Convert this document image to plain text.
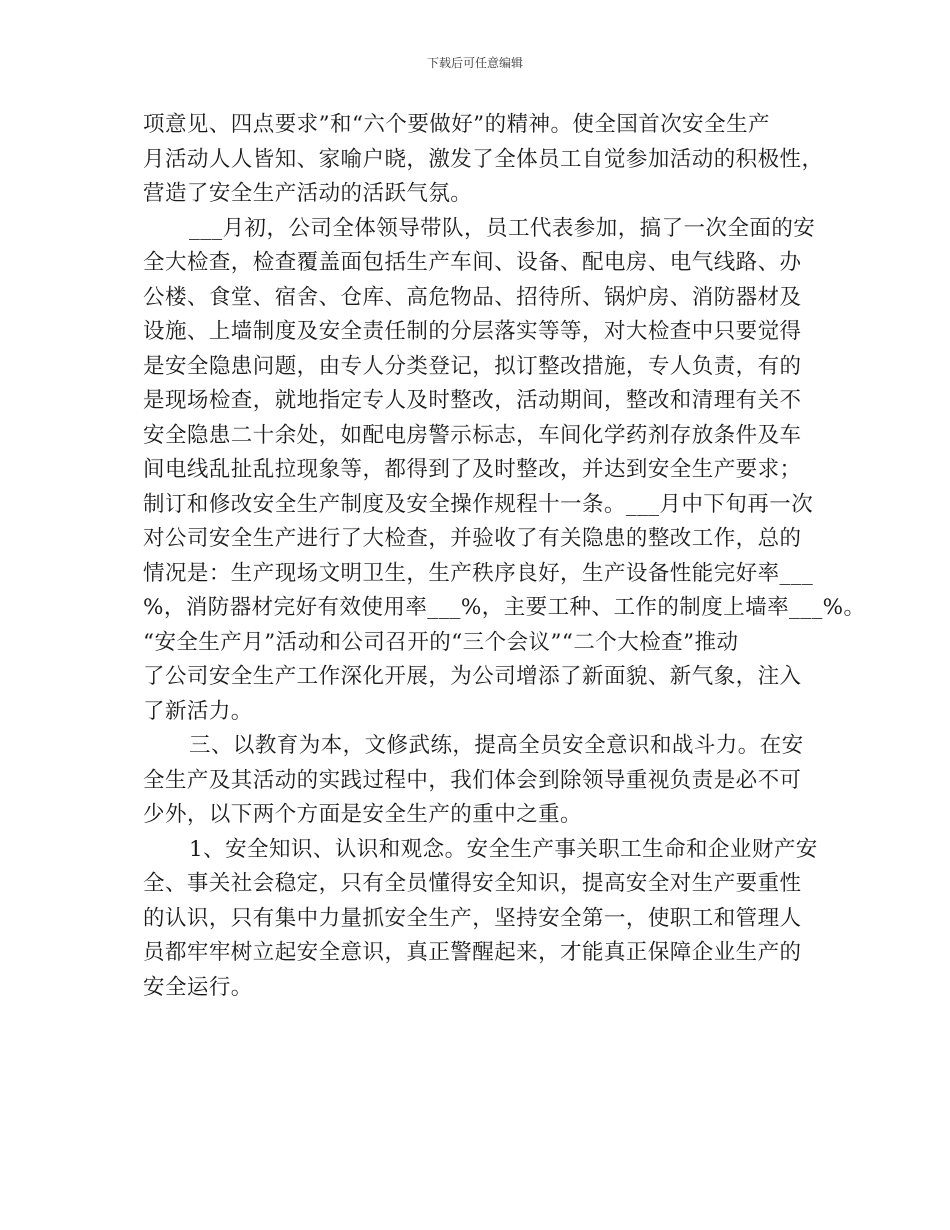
下载后可任意编辑
项意见、四点要求”和“六个要做好”的精神。使全国首次安全生产
月活动人人皆知、家喻户晓，激发了全体员工自觉参加活动的积极性，
营造了安全生产活动的活跃气氛。
___月初，公司全体领导带队，员工代表参加，搞了一次全面的安
全大检查，检查覆盖面包括生产车间、设备、配电房、电气线路、办
公楼、食堂、宿舍、仓库、高危物品、招待所、锅炉房、消防器材及
设施、上墙制度及安全责任制的分层落实等等，对大检查中只要觉得
是安全隐患问题，由专人分类登记，拟订整改措施，专人负责，有的
是现场检查，就地指定专人及时整改，活动期间，整改和清理有关不
安全隐患二十余处，如配电房警示标志，车间化学药剂存放条件及车
间电线乱扯乱拉现象等，都得到了及时整改，并达到安全生产要求；
制订和修改安全生产制度及安全操作规程十一条。___月中下旬再一次
对公司安全生产进行了大检查，并验收了有关隐患的整改工作，总的
情况是：生产现场文明卫生，生产秩序良好，生产设备性能完好率___
%，消防器材完好有效使用率___%，主要工种、工作的制度上墙率___%。
“安全生产月”活动和公司召开的“三个会议”“二个大检查”推动
了公司安全生产工作深化开展，为公司增添了新面貌、新气象，注入
了新活力。
三、以教育为本，文修武练，提高全员安全意识和战斗力。在安
全生产及其活动的实践过程中，我们体会到除领导重视负责是必不可
少外，以下两个方面是安全生产的重中之重。
1、安全知识、认识和观念。安全生产事关职工生命和企业财产安
全、事关社会稳定，只有全员懂得安全知识，提高安全对生产要重性
的认识，只有集中力量抓安全生产，坚持安全第一，使职工和管理人
员都牢牢树立起安全意识，真正警醒起来，才能真正保障企业生产的
安全运行。
